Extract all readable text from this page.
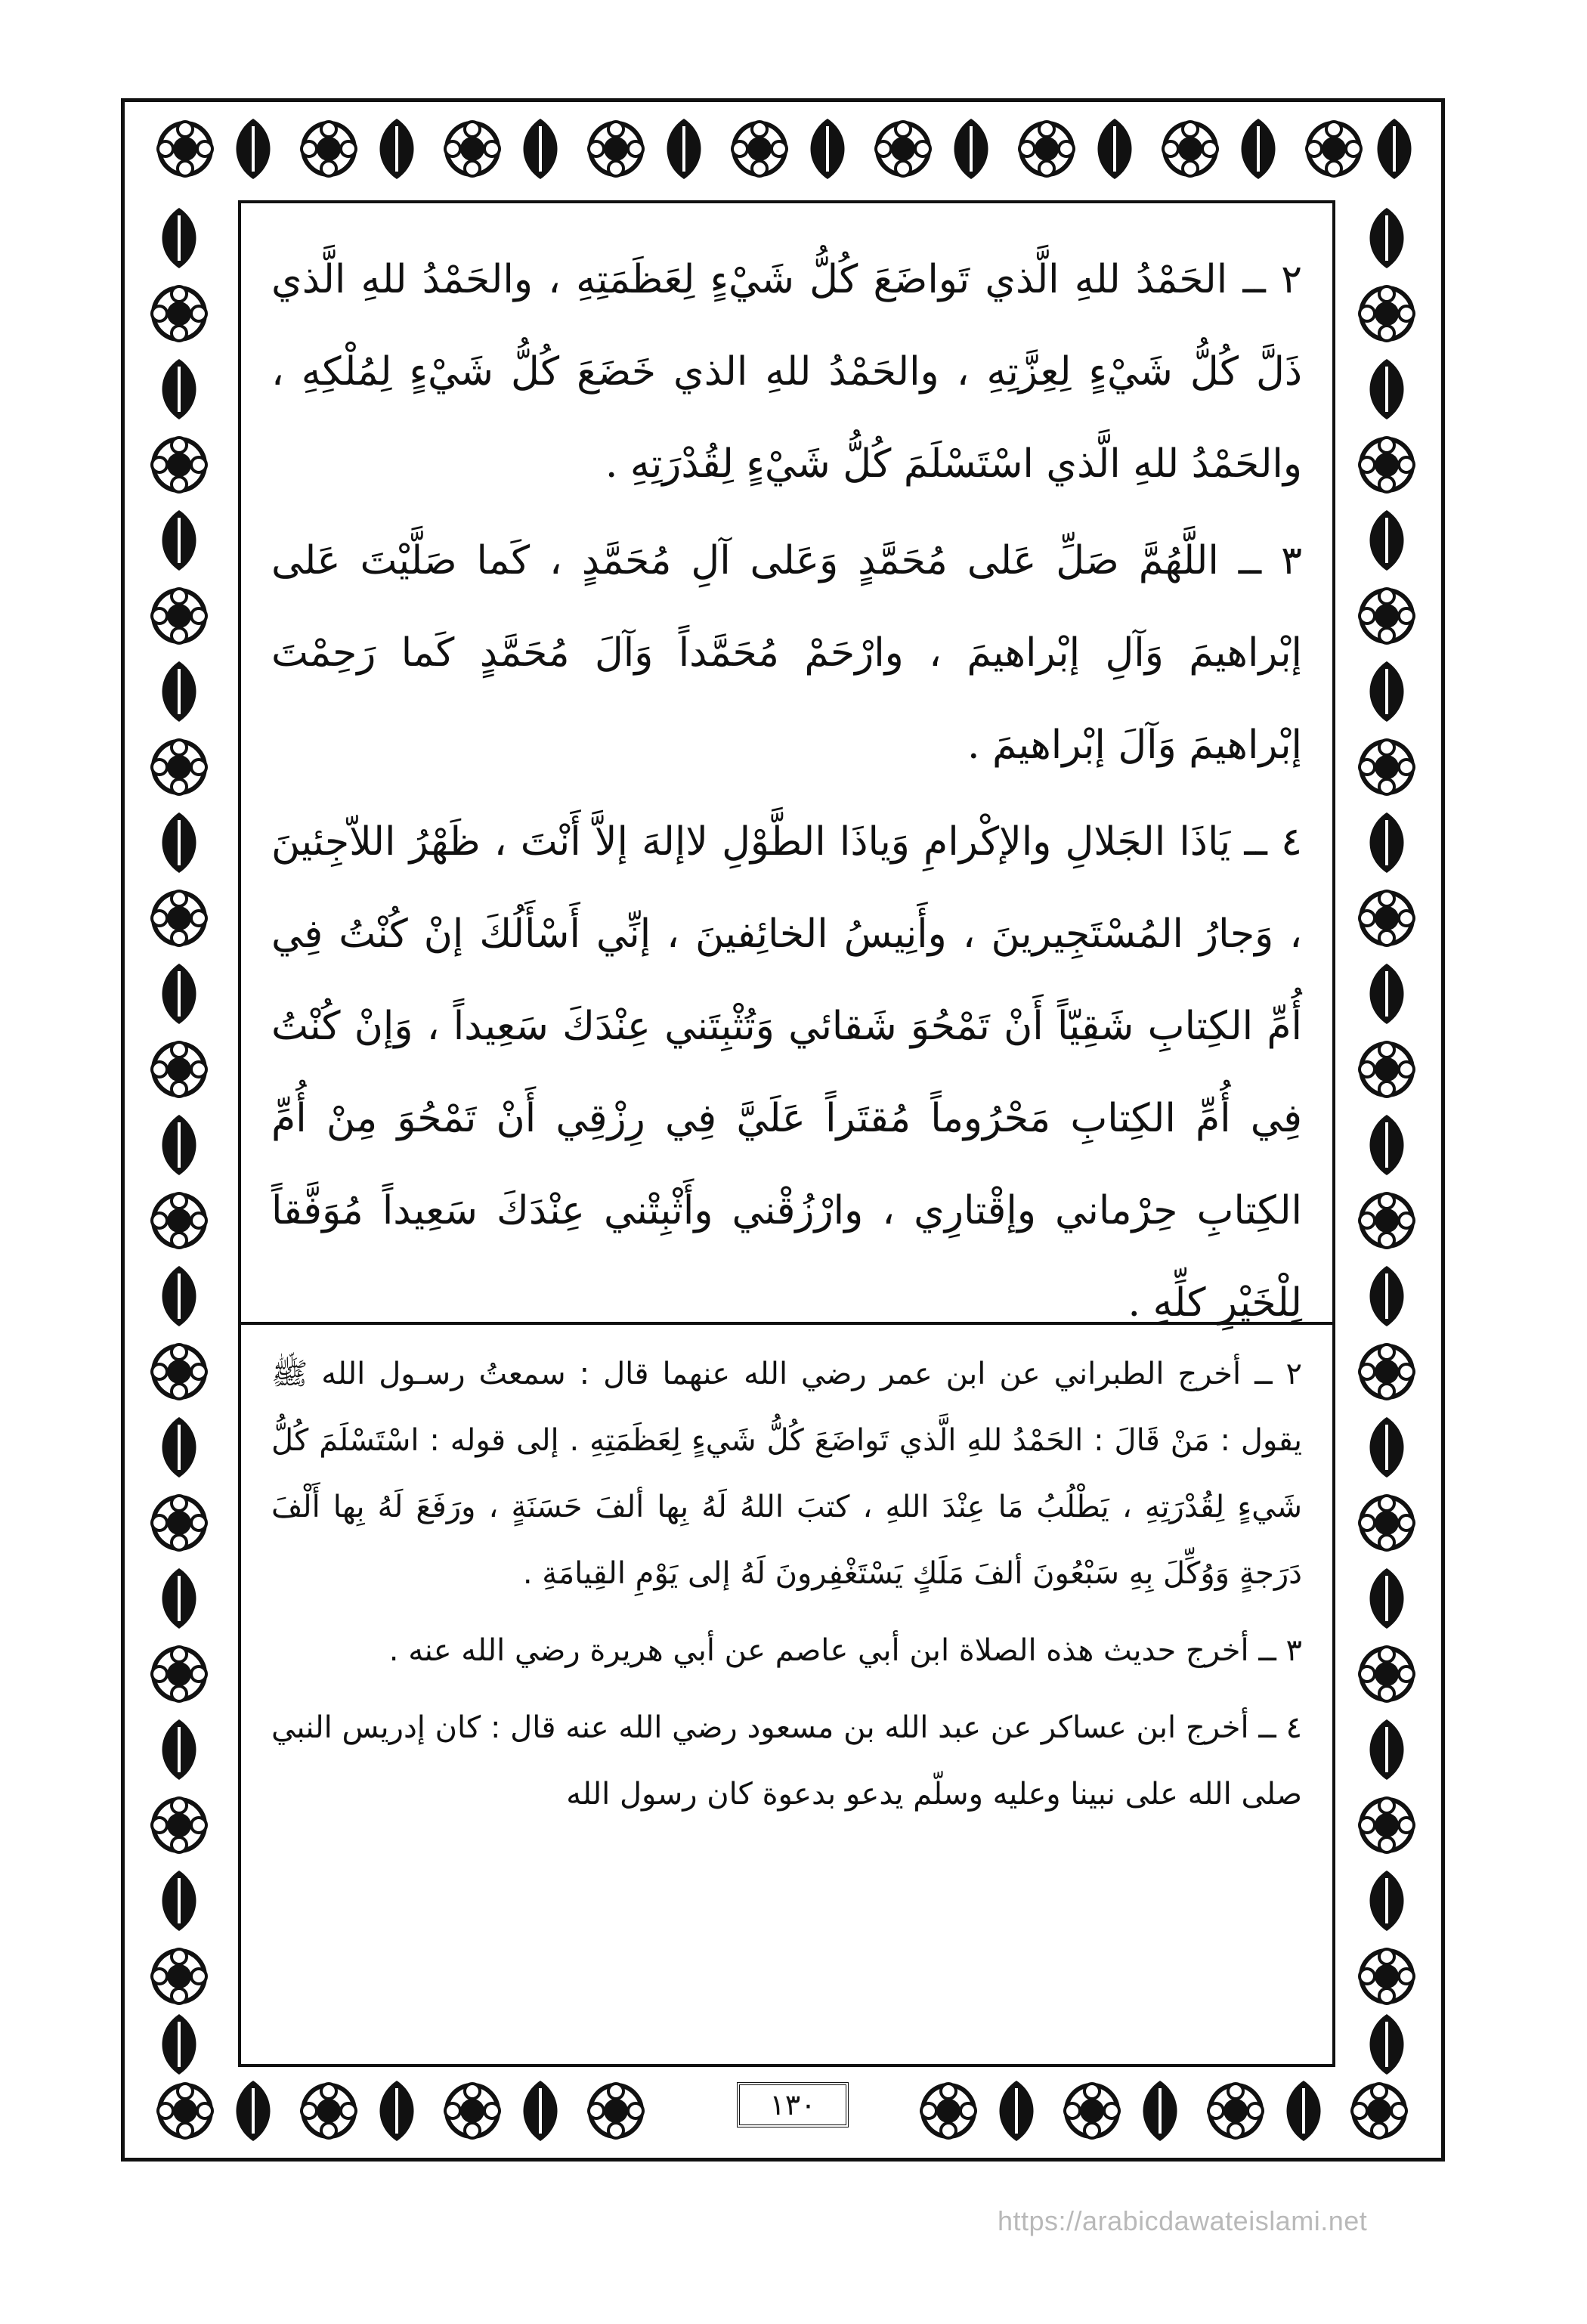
٢ ــ الحَمْدُ للهِ الَّذي تَواضَعَ كُلُّ شَيْءٍ لِعَظَمَتِهِ ، والحَمْدُ للهِ الَّذي ذَلَّ كُلُّ شَيْءٍ لِعِزَّتِهِ ، والحَمْدُ للهِ الذي خَضَعَ كُلُّ شَيْءٍ لِمُلْكِهِ ، والحَمْدُ للهِ الَّذي اسْتَسْلَمَ كُلُّ شَيْءٍ لِقُدْرَتِهِ .

٣ ــ اللَّهُمَّ صَلِّ عَلى مُحَمَّدٍ وَعَلى آلِ مُحَمَّدٍ ، كَما صَلَّيْتَ عَلى إبْراهيمَ وَآلِ إبْراهيمَ ، وارْحَمْ مُحَمَّداً وَآلَ مُحَمَّدٍ كَما رَحِمْتَ إبْراهيمَ وَآلَ إبْراهيمَ .

٤ ــ يَاذَا الجَلالِ والإكْرامِ وَياذَا الطَّوْلِ لاإلهَ إلاَّ أَنْتَ ، ظَهْرُ اللاّجِئينَ ، وَجارُ المُسْتَجِيرينَ ، وأَنِيسُ الخائِفينَ ، إنِّي أَسْأَلُكَ إنْ كُنْتُ فِي أُمِّ الكِتابِ شَقِيّاً أَنْ تَمْحُوَ شَقائي وَتُثْبِتَني عِنْدَكَ سَعِيداً ، وَإنْ كُنْتُ فِي أُمِّ الكِتابِ مَحْرُوماً مُقتَراً عَلَيَّ فِي رِزْقِي أَنْ تَمْحُوَ مِنْ أُمِّ الكِتابِ حِرْماني وإقْتارِي ، وارْزُقْني وأَثْبِتْني عِنْدَكَ سَعِيداً مُوَفَّقاً لِلْخَيْرِ كلِّهِ .

٢ ــ أخرج الطبراني عن ابن عمر رضي الله عنهما قال : سمعتُ رسـول الله ﷺ يقول : مَنْ قَالَ : الحَمْدُ للهِ الَّذي تَواضَعَ كُلُّ شَيءٍ لِعَظَمَتِهِ . إلى قوله : اسْتَسْلَمَ كُلُّ شَيءٍ لِقُدْرَتِهِ ، يَطْلُبُ مَا عِنْدَ اللهِ ، كتبَ اللهُ لَهُ بِها ألفَ حَسَنَةٍ ، ورَفَعَ لَهُ بِها أَلْفَ دَرَجةٍ وَوُكِّلَ بِهِ سَبْعُونَ ألفَ مَلَكٍ يَسْتَغْفِرونَ لَهُ إلى يَوْمِ القِيامَةِ .

٣ ــ أخرج حديث هذه الصلاة ابن أبي عاصم عن أبي هريرة رضي الله عنه .

٤ ــ أخرج ابن عساكر عن عبد الله بن مسعود رضي الله عنه قال : كان إدريس النبي صلى الله على نبينا وعليه وسلّم يدعو بدعوة كان رسول الله

١٣٠
https://arabicdawateislami.net
